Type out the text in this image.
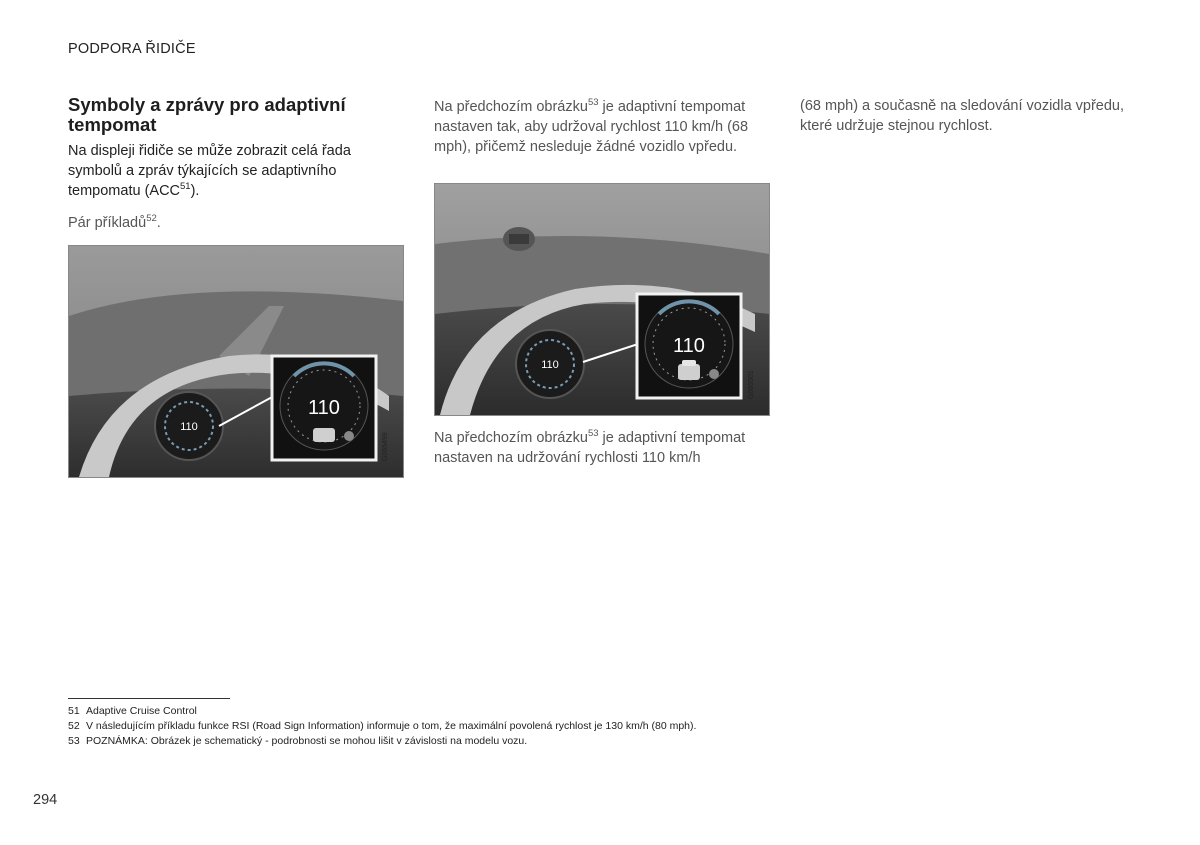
PODPORA ŘIDIČE
Symboly a zprávy pro adaptivní tempomat
Na displeji řidiče se může zobrazit celá řada symbolů a zpráv týkajících se adaptivního tempomatu (ACC$^{51}$).
Pár příkladů$^{52}$.
110
110
G065499
Na předchozím obrázku$^{53}$ je adaptivní tempomat nastaven tak, aby udržoval rychlost 110 km/h (68 mph), přičemž nesleduje žádné vozidlo vpředu.
110
110
G065501
Na předchozím obrázku$^{53}$ je adaptivní tempomat nastaven na udržování rychlosti 110 km/h
(68 mph) a současně na sledování vozidla vpředu, které udržuje stejnou rychlost.
51 Adaptive Cruise Control
52 V následujícím příkladu funkce RSI (Road Sign Information) informuje o tom, že maximální povolená rychlost je 130 km/h (80 mph).
53 POZNÁMKA: Obrázek je schematický - podrobnosti se mohou lišit v závislosti na modelu vozu.
294
